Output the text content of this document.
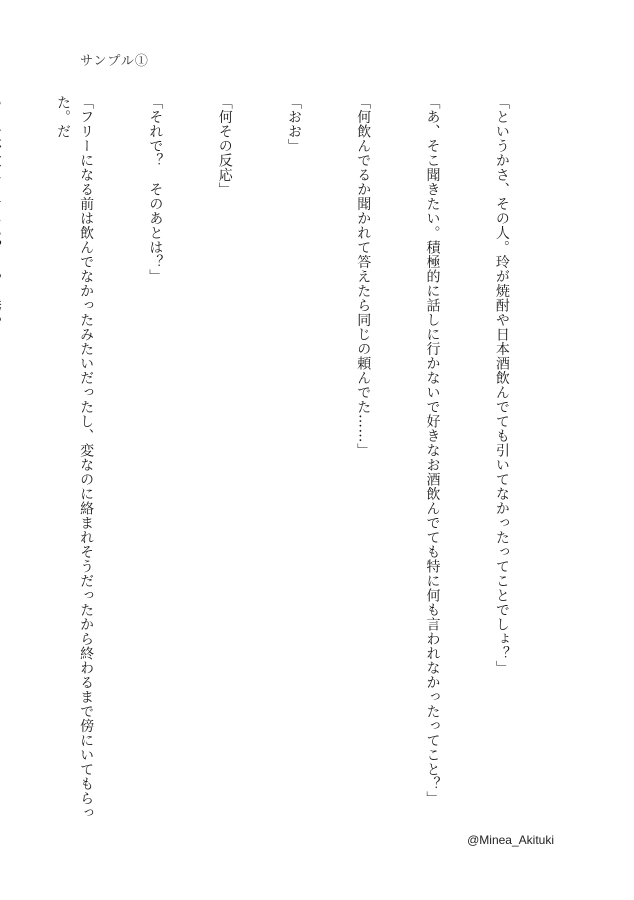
サンプル①

「というかさ、その人。玲が焼酎や日本酒飲んでても引いてなかったってことでしょ？」

「あ、そこ聞きたい。積極的に話しに行かないで好きなお酒飲んでても特に何も言われなかったってこと？」

「何飲んでるか聞かれて答えたら同じの頼んでた……」

「おお」

「何その反応」

「それで？　そのあとは？」

「フリーになる前は飲んでなかったみたいだったし、変なのに絡まれそうだったから終わるまで傍にいてもらった。だ

@Minea_Akituki
